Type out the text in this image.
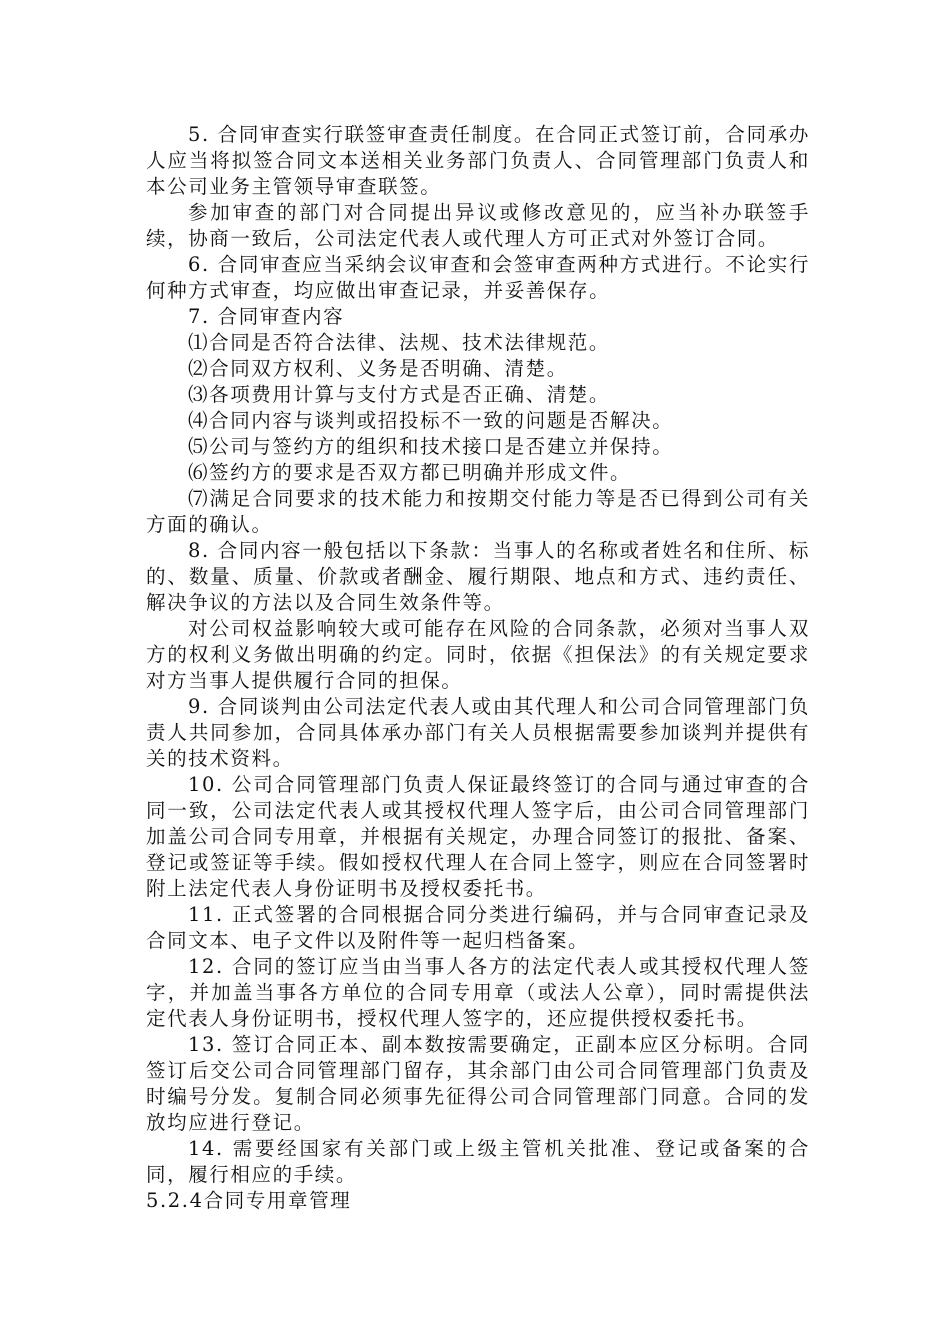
5. 合同审查实行联签审查责任制度。在合同正式签订前，合同承办人应当将拟签合同文本送相关业务部门负责人、合同管理部门负责人和本公司业务主管领导审查联签。

参加审查的部门对合同提出异议或修改意见的，应当补办联签手续，协商一致后，公司法定代表人或代理人方可正式对外签订合同。

6. 合同审查应当采纳会议审查和会签审查两种方式进行。不论实行何种方式审查，均应做出审查记录，并妥善保存。

7. 合同审查内容

⑴合同是否符合法律、法规、技术法律规范。

⑵合同双方权利、义务是否明确、清楚。

⑶各项费用计算与支付方式是否正确、清楚。

⑷合同内容与谈判或招投标不一致的问题是否解决。

⑸公司与签约方的组织和技术接口是否建立并保持。

⑹签约方的要求是否双方都已明确并形成文件。

⑺满足合同要求的技术能力和按期交付能力等是否已得到公司有关方面的确认。

8. 合同内容一般包括以下条款：当事人的名称或者姓名和住所、标的、数量、质量、价款或者酬金、履行期限、地点和方式、违约责任、解决争议的方法以及合同生效条件等。

对公司权益影响较大或可能存在风险的合同条款，必须对当事人双方的权利义务做出明确的约定。同时，依据《担保法》的有关规定要求对方当事人提供履行合同的担保。

9. 合同谈判由公司法定代表人或由其代理人和公司合同管理部门负责人共同参加，合同具体承办部门有关人员根据需要参加谈判并提供有关的技术资料。

10. 公司合同管理部门负责人保证最终签订的合同与通过审查的合同一致，公司法定代表人或其授权代理人签字后，由公司合同管理部门加盖公司合同专用章，并根据有关规定，办理合同签订的报批、备案、登记或签证等手续。假如授权代理人在合同上签字，则应在合同签署时附上法定代表人身份证明书及授权委托书。

11. 正式签署的合同根据合同分类进行编码，并与合同审查记录及合同文本、电子文件以及附件等一起归档备案。

12. 合同的签订应当由当事人各方的法定代表人或其授权代理人签字，并加盖当事各方单位的合同专用章（或法人公章），同时需提供法定代表人身份证明书，授权代理人签字的，还应提供授权委托书。

13. 签订合同正本、副本数按需要确定，正副本应区分标明。合同签订后交公司合同管理部门留存，其余部门由公司合同管理部门负责及时编号分发。复制合同必须事先征得公司合同管理部门同意。合同的发放均应进行登记。

14. 需要经国家有关部门或上级主管机关批准、登记或备案的合同，履行相应的手续。

5.2.4合同专用章管理
